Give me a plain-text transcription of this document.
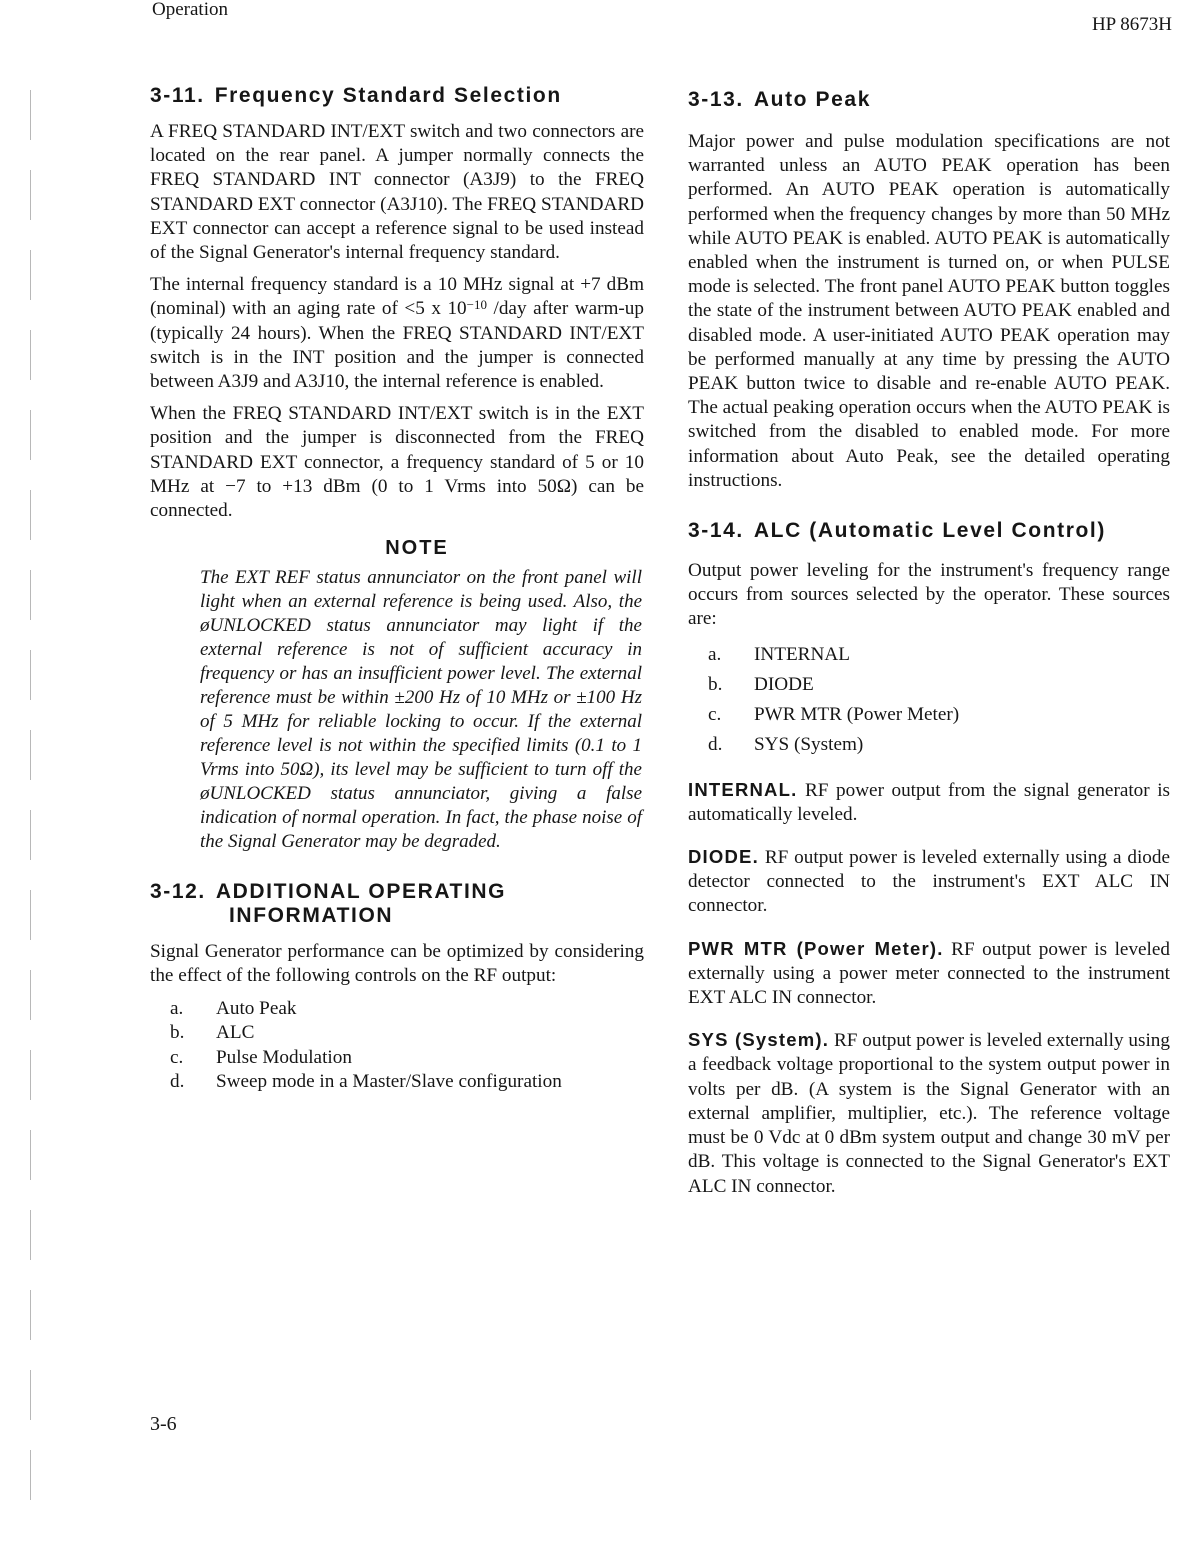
Operation
HP 8673H
3-11. Frequency Standard Selection

A FREQ STANDARD INT/EXT switch and two connectors are located on the rear panel. A jumper normally connects the FREQ STANDARD INT connector (A3J9) to the FREQ STANDARD EXT connector (A3J10). The FREQ STANDARD EXT connector can accept a reference signal to be used instead of the Signal Generator's internal frequency standard.

The internal frequency standard is a 10 MHz signal at +7 dBm (nominal) with an aging rate of <5 x $10^{-10}$ /day after warm-up (typically 24 hours). When the FREQ STANDARD INT/EXT switch is in the INT position and the jumper is connected between A3J9 and A3J10, the internal reference is enabled.

When the FREQ STANDARD INT/EXT switch is in the EXT position and the jumper is disconnected from the FREQ STANDARD EXT connector, a frequency standard of 5 or 10 MHz at −7 to +13 dBm (0 to 1 Vrms into 50Ω) can be connected.

NOTE

The EXT REF status annunciator on the front panel will light when an external reference is being used. Also, the øUNLOCKED status annunciator may light if the external reference is not of sufficient accuracy in frequency or has an insufficient power level. The external reference must be within ±200 Hz of 10 MHz or ±100 Hz of 5 MHz for reliable locking to occur. If the external reference level is not within the specified limits (0.1 to 1 Vrms into 50Ω), its level may be sufficient to turn off the øUNLOCKED status annunciator, giving a false indication of normal operation. In fact, the phase noise of the Signal Generator may be degraded.

3-12. ADDITIONAL OPERATING
INFORMATION

Signal Generator performance can be optimized by considering the effect of the following controls on the RF output:

a.	Auto Peak
b.	ALC
c.	Pulse Modulation
d.	Sweep mode in a Master/Slave configuration
3-13. Auto Peak

Major power and pulse modulation specifications are not warranted unless an AUTO PEAK operation has been performed. An AUTO PEAK operation is automatically performed when the frequency changes by more than 50 MHz while AUTO PEAK is enabled. AUTO PEAK is automatically enabled when the instrument is turned on, or when PULSE mode is selected. The front panel AUTO PEAK button toggles the state of the instrument between AUTO PEAK enabled and disabled mode. A user-initiated AUTO PEAK operation may be performed manually at any time by pressing the AUTO PEAK button twice to disable and re-enable AUTO PEAK. The actual peaking operation occurs when the AUTO PEAK is switched from the disabled to enabled mode. For more information about Auto Peak, see the detailed operating instructions.

3-14. ALC (Automatic Level Control)

Output power leveling for the instrument's frequency range occurs from sources selected by the operator. These sources are:

a.	INTERNAL
b.	DIODE
c.	PWR MTR (Power Meter)
d.	SYS (System)

INTERNAL. RF power output from the signal generator is automatically leveled.

DIODE. RF output power is leveled externally using a diode detector connected to the instrument's EXT ALC IN connector.

PWR MTR (Power Meter). RF output power is leveled externally using a power meter connected to the instrument EXT ALC IN connector.

SYS (System). RF output power is leveled externally using a feedback voltage proportional to the system output power in volts per dB. (A system is the Signal Generator with an external amplifier, multiplier, etc.). The reference voltage must be 0 Vdc at 0 dBm system output and change 30 mV per dB. This voltage is connected to the Signal Generator's EXT ALC IN connector.

3-6
